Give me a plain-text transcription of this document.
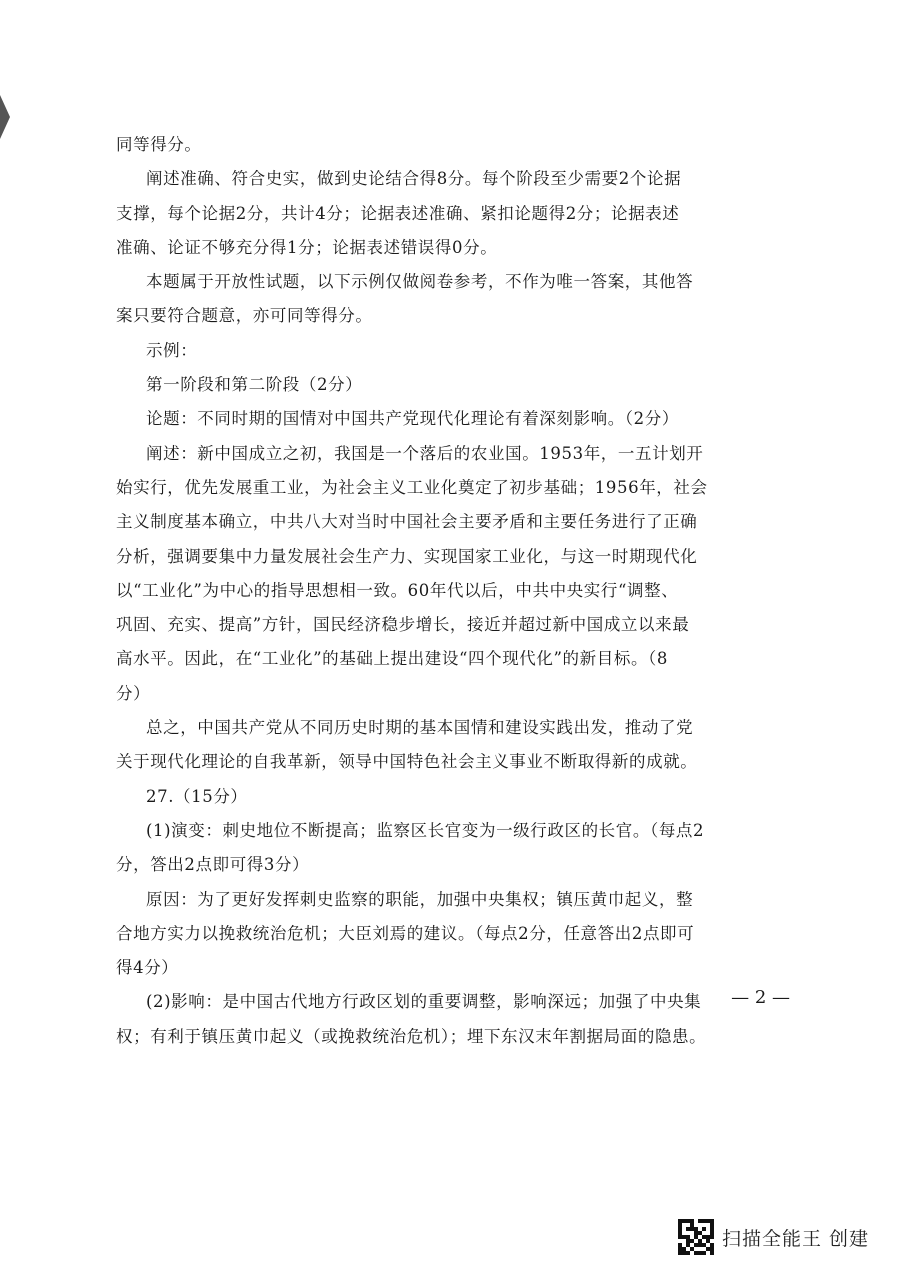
同等得分。
阐述准确、符合史实，做到史论结合得8分。每个阶段至少需要2个论据
支撑，每个论据2分，共计4分；论据表述准确、紧扣论题得2分；论据表述
准确、论证不够充分得1分；论据表述错误得0分。
本题属于开放性试题，以下示例仅做阅卷参考，不作为唯一答案，其他答
案只要符合题意，亦可同等得分。
示例：
第一阶段和第二阶段（2分）
论题：不同时期的国情对中国共产党现代化理论有着深刻影响。（2分）
阐述：新中国成立之初，我国是一个落后的农业国。1953年，一五计划开
始实行，优先发展重工业，为社会主义工业化奠定了初步基础；1956年，社会
主义制度基本确立，中共八大对当时中国社会主要矛盾和主要任务进行了正确
分析，强调要集中力量发展社会生产力、实现国家工业化，与这一时期现代化
以“工业化”为中心的指导思想相一致。60年代以后，中共中央实行“调整、
巩固、充实、提高”方针，国民经济稳步增长，接近并超过新中国成立以来最
高水平。因此，在“工业化”的基础上提出建设“四个现代化”的新目标。（8
分）
总之，中国共产党从不同历史时期的基本国情和建设实践出发，推动了党
关于现代化理论的自我革新，领导中国特色社会主义事业不断取得新的成就。
27.（15分）
(1)演变：刺史地位不断提高；监察区长官变为一级行政区的长官。（每点2
分，答出2点即可得3分）
原因：为了更好发挥刺史监察的职能，加强中央集权；镇压黄巾起义，整
合地方实力以挽救统治危机；大臣刘焉的建议。（每点2分，任意答出2点即可
得4分）
(2)影响：是中国古代地方行政区划的重要调整，影响深远；加强了中央集
权；有利于镇压黄巾起义（或挽救统治危机）；埋下东汉末年割据局面的隐患。
— 2 —
扫描全能王 创建
